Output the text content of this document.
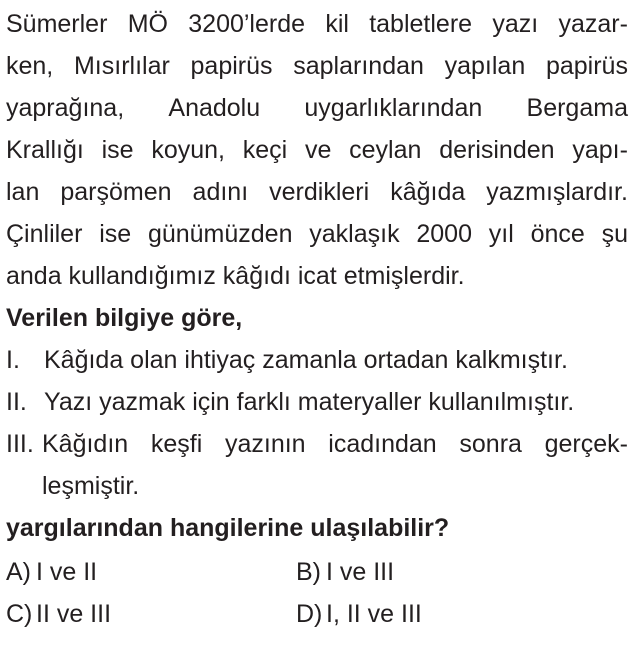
Sümerler MÖ 3200’lerde kil tabletlere yazı yazar-
ken, Mısırlılar papirüs saplarından yapılan papirüs
yaprağına, Anadolu uygarlıklarından Bergama
Krallığı ise koyun, keçi ve ceylan derisinden yapı-
lan parşömen adını verdikleri kâğıda yazmışlardır.
Çinliler ise günümüzden yaklaşık 2000 yıl önce şu
anda kullandığımız kâğıdı icat etmişlerdir.
Verilen bilgiye göre,
I. Kâğıda olan ihtiyaç zamanla ortadan kalkmıştır.
II. Yazı yazmak için farklı materyaller kullanılmıştır.
III. Kâğıdın keşfi yazının icadından sonra gerçek-
leşmiştir.
yargılarından hangilerine ulaşılabilir?
A) I ve II	B) I ve III
C) II ve III	D) I, II ve III
